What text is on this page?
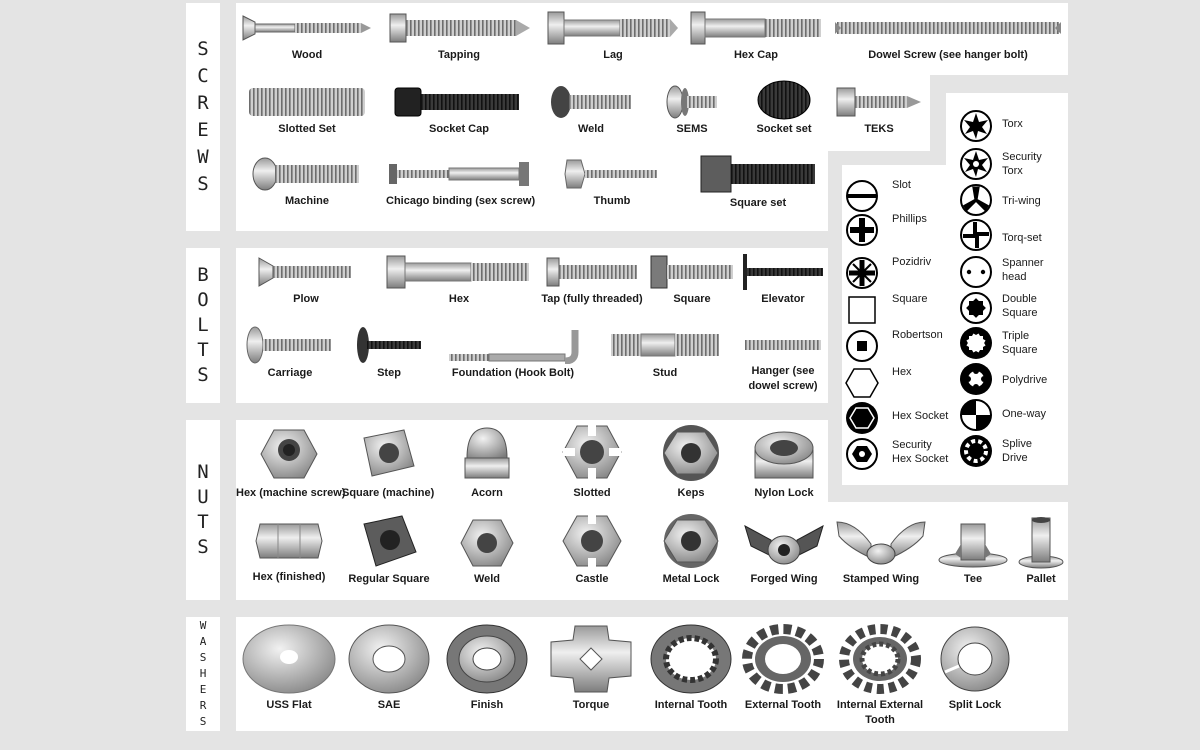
S
C
R
E
W
S
B
O
L
T
S
N
U
T
S
W
A
S
H
E
R
S
Wood	Tapping	Lag	Hex Cap	Dowel Screw (see hanger bolt)
Slotted Set	Socket Cap	Weld	SEMS	Socket set	TEKS
Machine	Chicago binding (sex screw)	Thumb	Square set
Plow	Hex	Tap (fully threaded)	Square	Elevator
Carriage	Step	Foundation (Hook Bolt)	Stud	Hanger (see dowel screw)
Hex (machine screw)
Square (machine)	Acorn	Slotted	Keps	Nylon Lock
Hex (finished)	Regular Square	Weld	Castle	Metal Lock	Forged Wing	Stamped Wing	Tee	Pallet
USS Flat	SAE	Finish	Torque	Internal Tooth	External Tooth	Internal External Tooth
Split Lock
Slot
Phillips
Pozidriv
Square
Robertson
Hex
Hex Socket
Security Hex Socket
Torx
Security Torx
Tri-wing
Torq-set
Spanner head
Double Square
Triple Square
Polydrive
One-way
Splive Drive
